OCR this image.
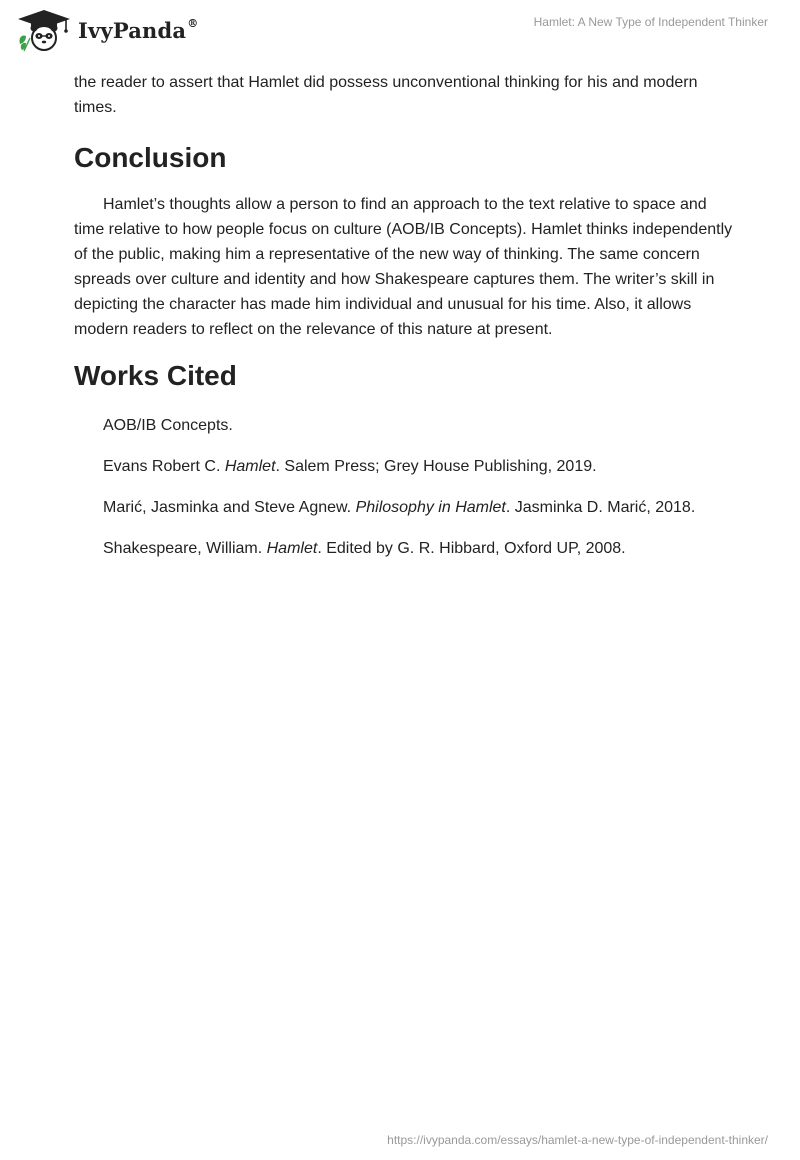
IvyPanda®	Hamlet: A New Type of Independent Thinker

the reader to assert that Hamlet did possess unconventional thinking for his and modern times.

Conclusion

Hamlet’s thoughts allow a person to find an approach to the text relative to space and time relative to how people focus on culture (AOB/IB Concepts). Hamlet thinks independently of the public, making him a representative of the new way of thinking. The same concern spreads over culture and identity and how Shakespeare captures them. The writer’s skill in depicting the character has made him individual and unusual for his time. Also, it allows modern readers to reflect on the relevance of this nature at present.

Works Cited

AOB/IB Concepts.

Evans Robert C. Hamlet. Salem Press; Grey House Publishing, 2019.

Marić, Jasminka and Steve Agnew. Philosophy in Hamlet. Jasminka D. Marić, 2018.

Shakespeare, William. Hamlet. Edited by G. R. Hibbard, Oxford UP, 2008.

https://ivypanda.com/essays/hamlet-a-new-type-of-independent-thinker/
